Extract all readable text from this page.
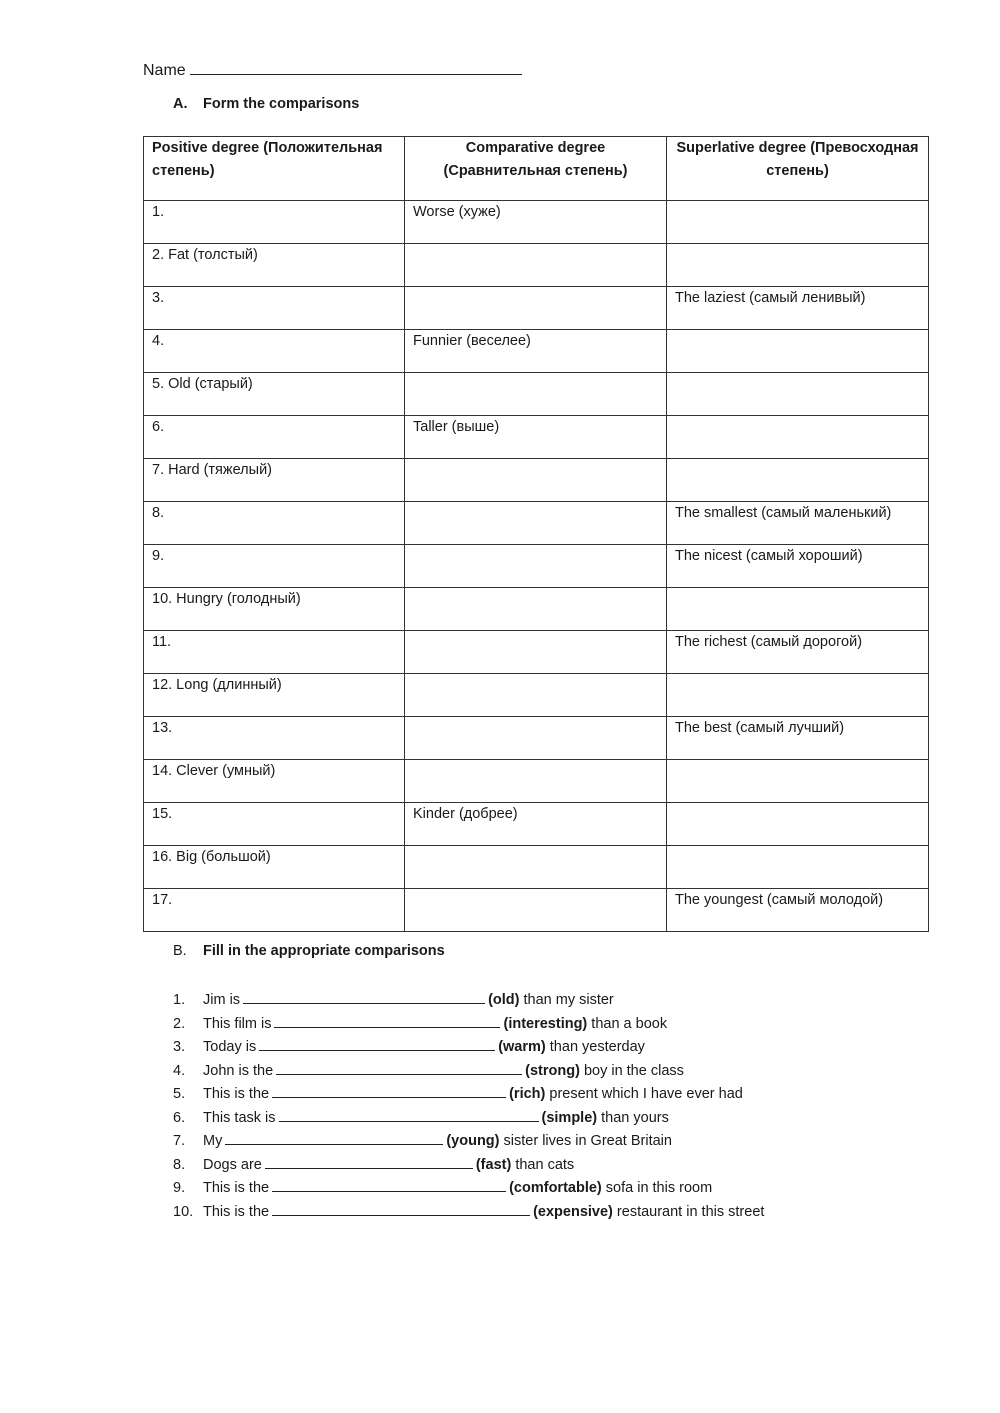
Name
A. Form the comparisons
Positive degree (Положительная степень)	Comparative degree (Сравнительная степень)	Superlative degree (Превосходная степень)
1.	Worse (хуже)	
2. Fat (толстый)		
3.		The laziest (самый ленивый)
4.	Funnier (веселее)	
5. Old (старый)		
6.	Taller (выше)	
7. Hard (тяжелый)		
8.		The smallest (самый маленький)
9.		The nicest (самый хороший)
10. Hungry (голодный)		
11.		The richest (самый дорогой)
12. Long (длинный)		
13.		The best (самый лучший)
14. Clever (умный)		
15.	Kinder (добрее)	
16. Big (большой)		
17.		The youngest (самый молодой)
B. Fill in the appropriate comparisons
1. Jim is	(old) than my sister
2. This film is	(interesting) than a book
3. Today is	(warm) than yesterday
4. John is the	(strong) boy in the class
5. This is the	(rich) present which I have ever had
6. This task is	(simple) than yours
7. My	(young) sister lives in Great Britain
8. Dogs are	(fast) than cats
9. This is the	(comfortable) sofa in this room
10. This is the	(expensive) restaurant in this street
